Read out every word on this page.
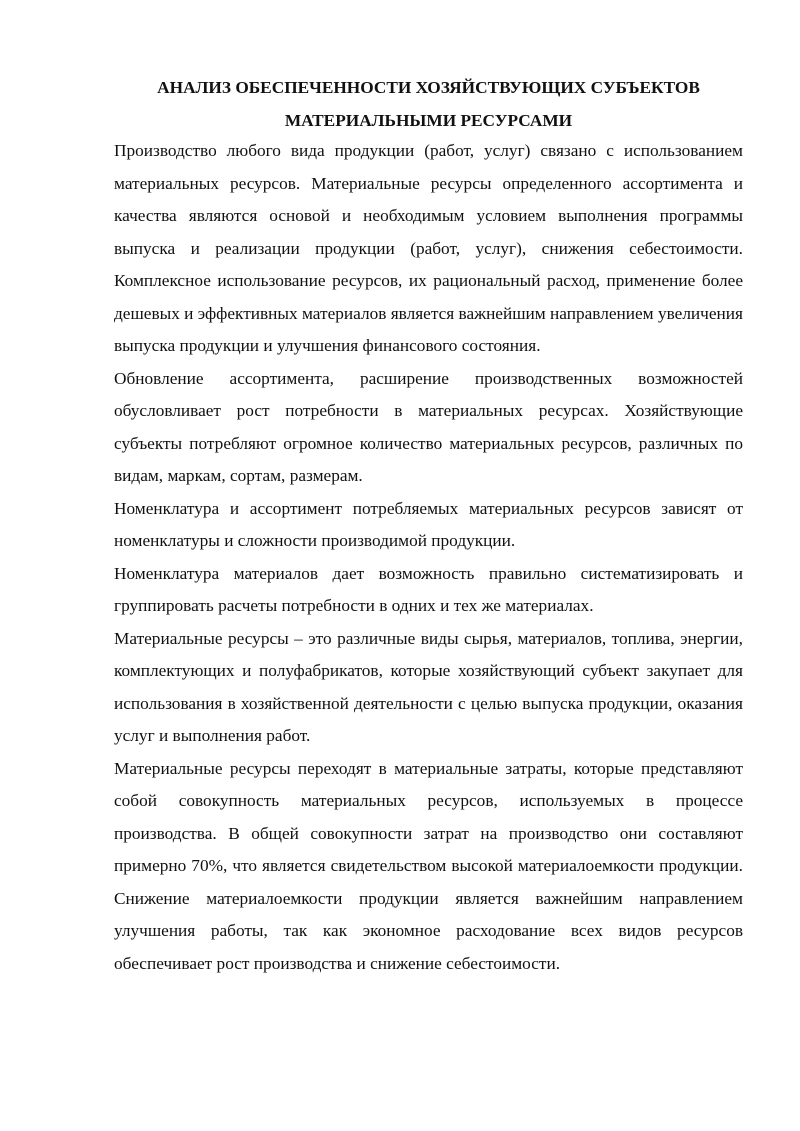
АНАЛИЗ ОБЕСПЕЧЕННОСТИ ХОЗЯЙСТВУЮЩИХ СУБЪЕКТОВ
МАТЕРИАЛЬНЫМИ РЕСУРСАМИ

Производство любого вида продукции (работ, услуг) связано с использованием материальных ресурсов. Материальные ресурсы определенного ассортимента и качества являются основой и необходимым условием выполнения программы выпуска и реализации продукции (работ, услуг), снижения себестоимости. Комплексное использование ресурсов, их рациональный расход, применение более дешевых и эффективных материалов является важнейшим направлением увеличения выпуска продукции и улучшения финансового состояния.

Обновление ассортимента, расширение производственных возможностей обусловливает рост потребности в материальных ресурсах. Хозяйствующие субъекты потребляют огромное количество материальных ресурсов, различных по видам, маркам, сортам, размерам.

Номенклатура и ассортимент потребляемых материальных ресурсов зависят от номенклатуры и сложности производимой продукции.

Номенклатура материалов дает возможность правильно систематизировать и группировать расчеты потребности в одних и тех же материалах.

Материальные ресурсы – это различные виды сырья, материалов, топлива, энергии, комплектующих и полуфабрикатов, которые хозяйствующий субъект закупает для использования в хозяйственной деятельности с целью выпуска продукции, оказания услуг и выполнения работ.

Материальные ресурсы переходят в материальные затраты, которые представляют собой совокупность материальных ресурсов, используемых в процессе производства. В общей совокупности затрат на производство они составляют примерно 70%, что является свидетельством высокой материалоемкости продукции. Снижение материалоемкости продукции является важнейшим направлением улучшения работы, так как экономное расходование всех видов ресурсов обеспечивает рост производства и снижение себестоимости.
